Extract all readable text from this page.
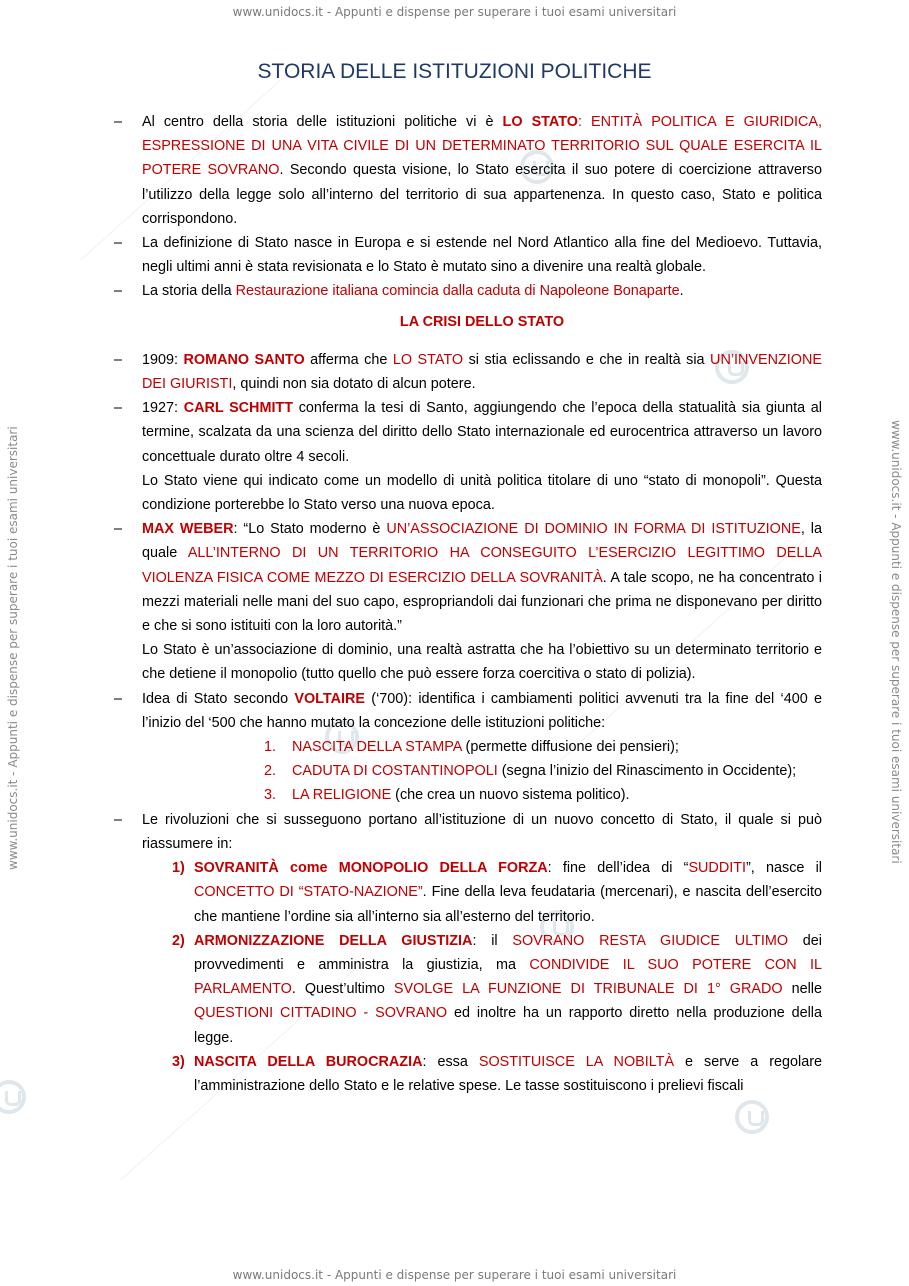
www.unidocs.it - Appunti e dispense per superare i tuoi esami universitari
www.unidocs.it - Appunti e dispense per superare i tuoi esami universitari
www.unidocs.it - Appunti e dispense per superare i tuoi esami universitari	www.unidocs.it - Appunti e dispense per superare i tuoi esami universitari
STORIA DELLE ISTITUZIONI POLITICHE
– Al centro della storia delle istituzioni politiche vi è LO STATO: ENTITÀ POLITICA E GIURIDICA, ESPRESSIONE DI UNA VITA CIVILE DI UN DETERMINATO TERRITORIO SUL QUALE ESERCITA IL POTERE SOVRANO. Secondo questa visione, lo Stato esercita il suo potere di coercizione attraverso l’utilizzo della legge solo all’interno del territorio di sua appartenenza. In questo caso, Stato e politica corrispondono.
– La definizione di Stato nasce in Europa e si estende nel Nord Atlantico alla fine del Medioevo. Tuttavia, negli ultimi anni è stata revisionata e lo Stato è mutato sino a divenire una realtà globale.
– La storia della Restaurazione italiana comincia dalla caduta di Napoleone Bonaparte.
LA CRISI DELLO STATO
– 1909: ROMANO SANTO afferma che LO STATO si stia eclissando e che in realtà sia UN’INVENZIONE DEI GIURISTI, quindi non sia dotato di alcun potere.
– 1927: CARL SCHMITT conferma la tesi di Santo, aggiungendo che l’epoca della statualità sia giunta al termine, scalzata da una scienza del diritto dello Stato internazionale ed eurocentrica attraverso un lavoro concettuale durato oltre 4 secoli.
Lo Stato viene qui indicato come un modello di unità politica titolare di uno “stato di monopoli”. Questa condizione porterebbe lo Stato verso una nuova epoca.
– MAX WEBER: “Lo Stato moderno è UN’ASSOCIAZIONE DI DOMINIO IN FORMA DI ISTITUZIONE, la quale ALL’INTERNO DI UN TERRITORIO HA CONSEGUITO L’ESERCIZIO LEGITTIMO DELLA VIOLENZA FISICA COME MEZZO DI ESERCIZIO DELLA SOVRANITÀ. A tale scopo, ne ha concentrato i mezzi materiali nelle mani del suo capo, espropriandoli dai funzionari che prima ne disponevano per diritto e che si sono istituiti con la loro autorità.”
Lo Stato è un’associazione di dominio, una realtà astratta che ha l’obiettivo su un determinato territorio e che detiene il monopolio (tutto quello che può essere forza coercitiva o stato di polizia).
– Idea di Stato secondo VOLTAIRE (‘700): identifica i cambiamenti politici avvenuti tra la fine del ‘400 e l’inizio del ‘500 che hanno mutato la concezione delle istituzioni politiche:
1. NASCITA DELLA STAMPA (permette diffusione dei pensieri);
2. CADUTA DI COSTANTINOPOLI (segna l’inizio del Rinascimento in Occidente);
3. LA RELIGIONE (che crea un nuovo sistema politico).
– Le rivoluzioni che si susseguono portano all’istituzione di un nuovo concetto di Stato, il quale si può riassumere in:
1) SOVRANITÀ come MONOPOLIO DELLA FORZA: fine dell’idea di “SUDDITI”, nasce il CONCETTO DI “STATO-NAZIONE”. Fine della leva feudataria (mercenari), e nascita dell’esercito che mantiene l’ordine sia all’interno sia all’esterno del territorio.
2) ARMONIZZAZIONE DELLA GIUSTIZIA: il SOVRANO RESTA GIUDICE ULTIMO dei provvedimenti e amministra la giustizia, ma CONDIVIDE IL SUO POTERE CON IL PARLAMENTO. Quest’ultimo SVOLGE LA FUNZIONE DI TRIBUNALE DI 1° GRADO nelle QUESTIONI CITTADINO - SOVRANO ed inoltre ha un rapporto diretto nella produzione della legge.
3) NASCITA DELLA BUROCRAZIA: essa SOSTITUISCE LA NOBILTÀ e serve a regolare l’amministrazione dello Stato e le relative spese. Le tasse sostituiscono i prelievi fiscali
